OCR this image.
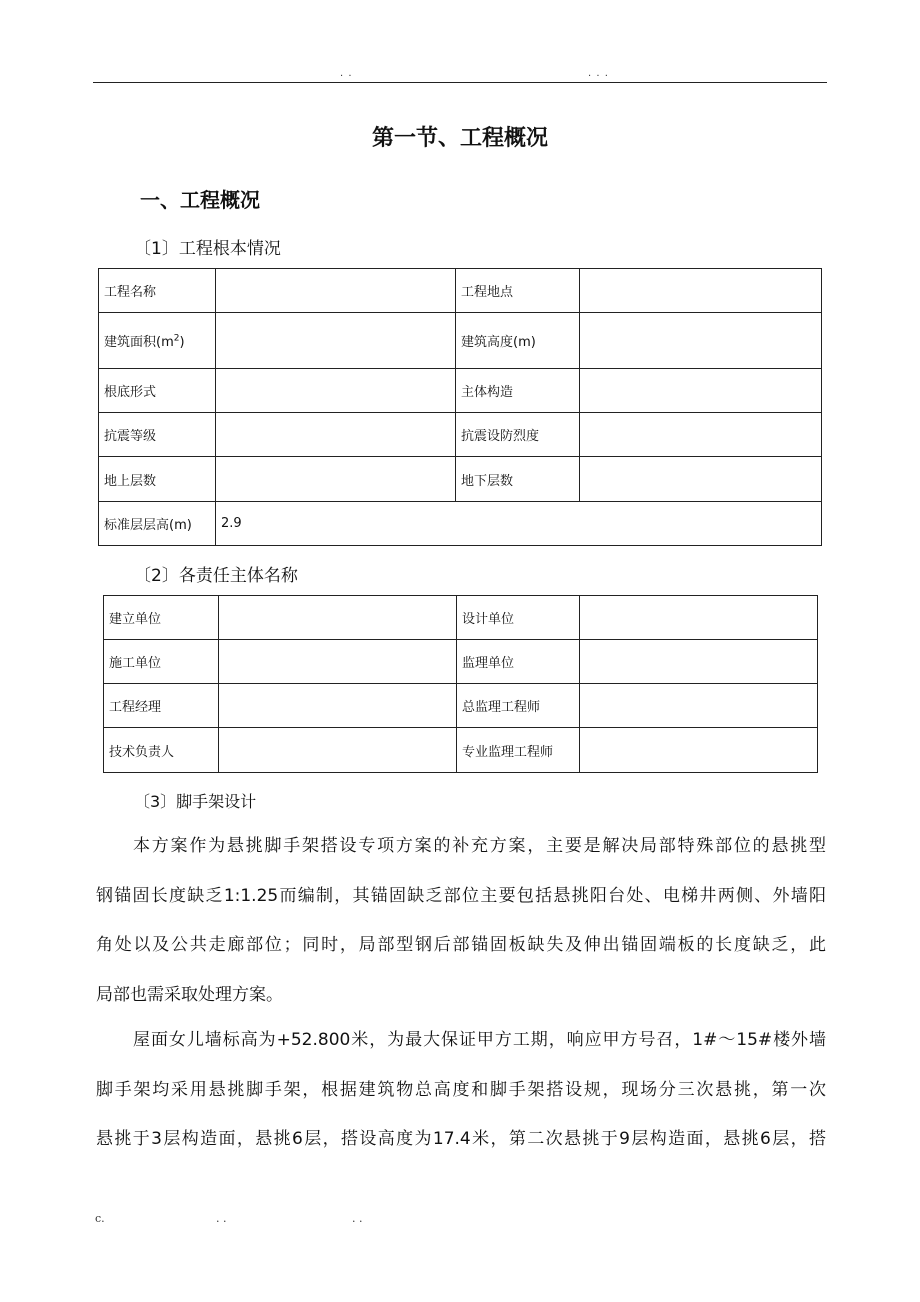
. .	. . .
第一节、工程概况
一、工程概况
〔1〕工程根本情况
工程名称		工程地点	
建筑面积$(m^2)$		建筑高度(m)	
根底形式		主体构造	
抗震等级		抗震设防烈度	
地上层数		地下层数	
标准层层高(m)	2.9		
〔2〕各责任主体名称
建立单位		设计单位	
施工单位		监理单位	
工程经理		总监理工程师	
技术负责人		专业监理工程师	
〔3〕脚手架设计
本方案作为悬挑脚手架搭设专项方案的补充方案，主要是解决局部特殊部位的悬挑型
钢锚固长度缺乏1:1.25而编制，其锚固缺乏部位主要包括悬挑阳台处、电梯井两侧、外墙阳
角处以及公共走廊部位；同时，局部型钢后部锚固板缺失及伸出锚固端板的长度缺乏，此
局部也需采取处理方案。
屋面女儿墙标高为+52.800米，为最大保证甲方工期，响应甲方号召，1#～15#楼外墙
脚手架均采用悬挑脚手架，根据建筑物总高度和脚手架搭设规，现场分三次悬挑，第一次
悬挑于3层构造面，悬挑6层，搭设高度为17.4米，第二次悬挑于9层构造面，悬挑6层，搭
c.	. .	. .
